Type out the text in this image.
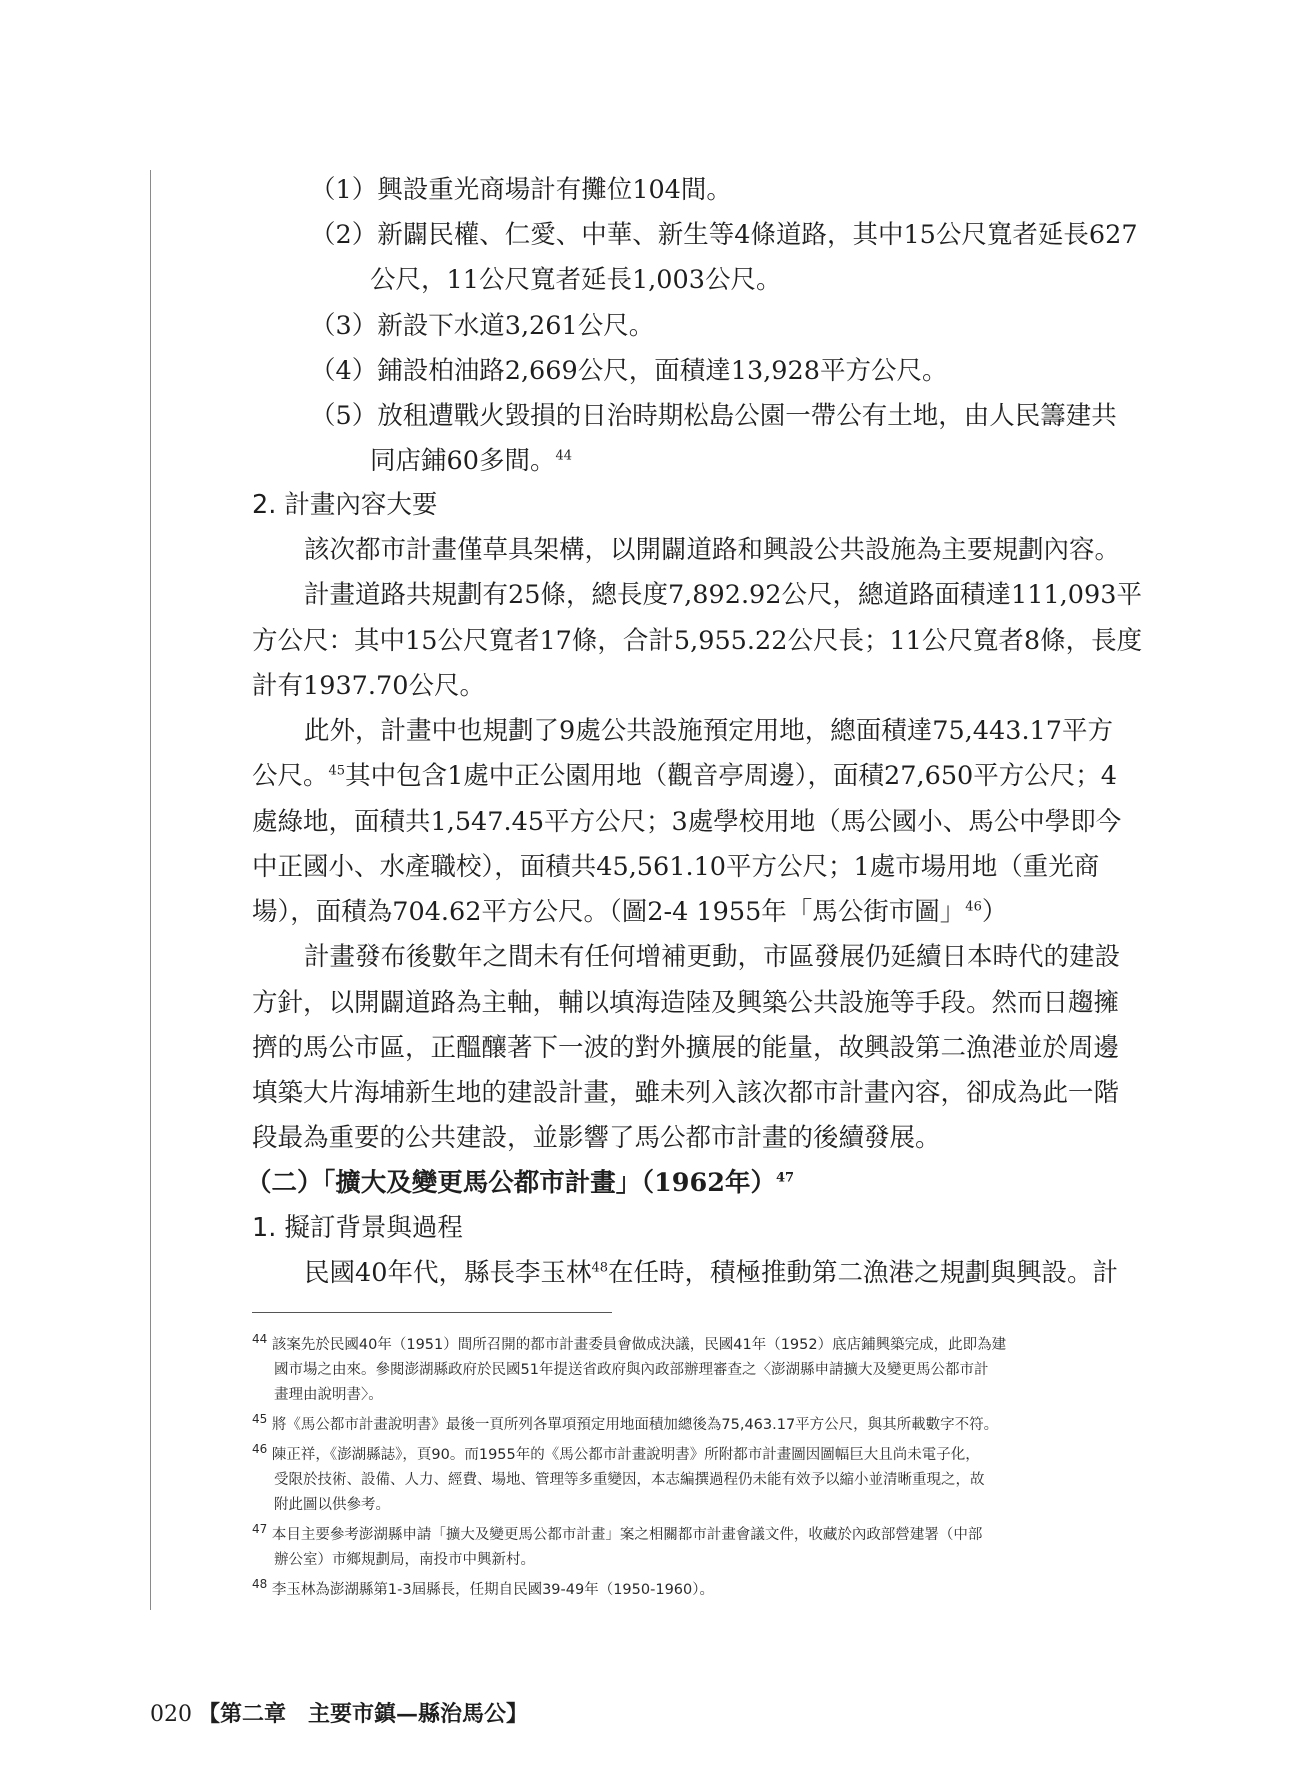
（1）興設重光商場計有攤位104間。
（2）新闢民權、仁愛、中華、新生等4條道路，其中15公尺寬者延長627
公尺，11公尺寬者延長1,003公尺。
（3）新設下水道3,261公尺。
（4）鋪設柏油路2,669公尺，面積達13,928平方公尺。
（5）放租遭戰火毀損的日治時期松島公園一帶公有土地，由人民籌建共
同店鋪60多間。$^{44}$
2. 計畫內容大要
該次都市計畫僅草具架構，以開闢道路和興設公共設施為主要規劃內容。
計畫道路共規劃有25條，總長度7,892.92公尺，總道路面積達111,093平
方公尺：其中15公尺寬者17條，合計5,955.22公尺長；11公尺寬者8條，長度
計有1937.70公尺。
此外，計畫中也規劃了9處公共設施預定用地，總面積達75,443.17平方
公尺。$^{45}$其中包含1處中正公園用地（觀音亭周邊），面積27,650平方公尺；4
處綠地，面積共1,547.45平方公尺；3處學校用地（馬公國小、馬公中學即今
中正國小、水產職校），面積共45,561.10平方公尺；1處市場用地（重光商
場），面積為704.62平方公尺。（圖2-4 1955年「馬公街市圖」$^{46}$）
計畫發布後數年之間未有任何增補更動，市區發展仍延續日本時代的建設
方針，以開闢道路為主軸，輔以填海造陸及興築公共設施等手段。然而日趨擁
擠的馬公市區，正醞釀著下一波的對外擴展的能量，故興設第二漁港並於周邊
填築大片海埔新生地的建設計畫，雖未列入該次都市計畫內容，卻成為此一階
段最為重要的公共建設，並影響了馬公都市計畫的後續發展。
（二）「擴大及變更馬公都市計畫」（1962年）$^{47}$
1. 擬訂背景與過程
民國40年代，縣長李玉林$^{48}$在任時，積極推動第二漁港之規劃與興設。計
$^{44}$ 該案先於民國40年（1951）間所召開的都市計畫委員會做成決議，民國41年（1952）底店鋪興築完成，此即為建
國市場之由來。參閱澎湖縣政府於民國51年提送省政府與內政部辦理審查之〈澎湖縣申請擴大及變更馬公都市計
畫理由說明書〉。
$^{45}$ 將《馬公都市計畫說明書》最後一頁所列各單項預定用地面積加總後為75,463.17平方公尺，與其所載數字不符。
$^{46}$ 陳正祥，《澎湖縣誌》，頁90。而1955年的《馬公都市計畫說明書》所附都市計畫圖因圖幅巨大且尚未電子化，
受限於技術、設備、人力、經費、場地、管理等多重變因，本志編撰過程仍未能有效予以縮小並清晰重現之，故
附此圖以供參考。
$^{47}$ 本目主要參考澎湖縣申請「擴大及變更馬公都市計畫」案之相關都市計畫會議文件，收藏於內政部營建署（中部
辦公室）市鄉規劃局，南投市中興新村。
$^{48}$ 李玉林為澎湖縣第1-3屆縣長，任期自民國39-49年（1950-1960）。
020 【第二章　主要市鎮—縣治馬公】
